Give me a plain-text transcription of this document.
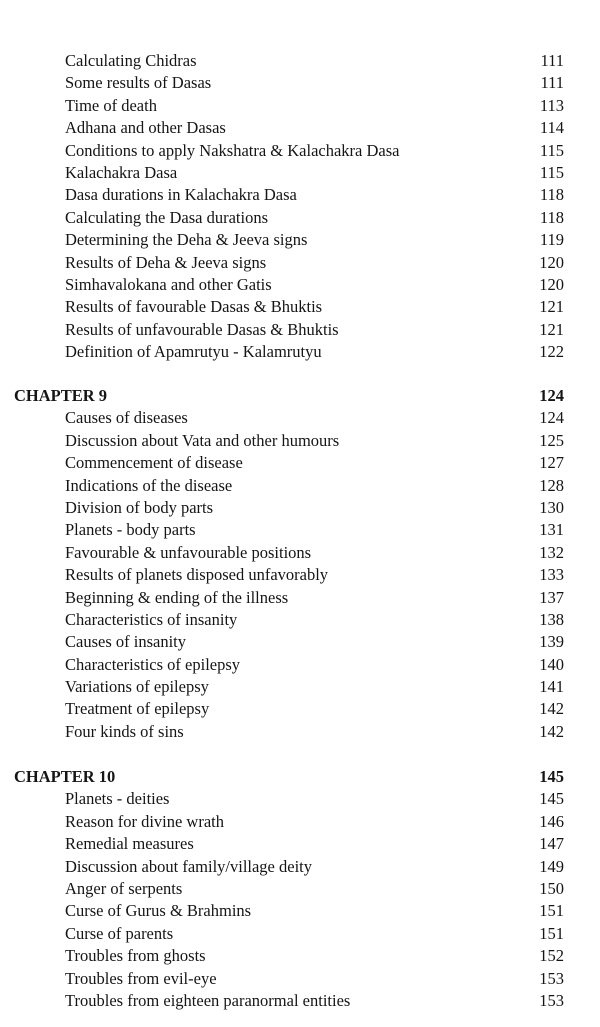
Calculating Chidras	111
Some results of Dasas	111
Time of death	113
Adhana and other Dasas	114
Conditions to apply Nakshatra & Kalachakra Dasa	115
Kalachakra Dasa	115
Dasa durations in Kalachakra Dasa	118
Calculating the Dasa durations	118
Determining the Deha & Jeeva signs	119
Results of Deha & Jeeva signs	120
Simhavalokana and other Gatis	120
Results of favourable Dasas & Bhuktis	121
Results of unfavourable Dasas & Bhuktis	121
Definition of Apamrutyu - Kalamrutyu	122
CHAPTER 9	124
Causes of diseases	124
Discussion about Vata and other humours	125
Commencement of disease	127
Indications of the disease	128
Division of body parts	130
Planets - body parts	131
Favourable & unfavourable positions	132
Results of planets disposed unfavorably	133
Beginning & ending of the illness	137
Characteristics of insanity	138
Causes of insanity	139
Characteristics of epilepsy	140
Variations of epilepsy	141
Treatment of epilepsy	142
Four kinds of sins	142
CHAPTER 10	145
Planets - deities	145
Reason for divine wrath	146
Remedial measures	147
Discussion about family/village deity	149
Anger of serpents	150
Curse of Gurus & Brahmins	151
Curse of parents	151
Troubles from ghosts	152
Troubles from evil-eye	153
Troubles from eighteen paranormal entities	153
